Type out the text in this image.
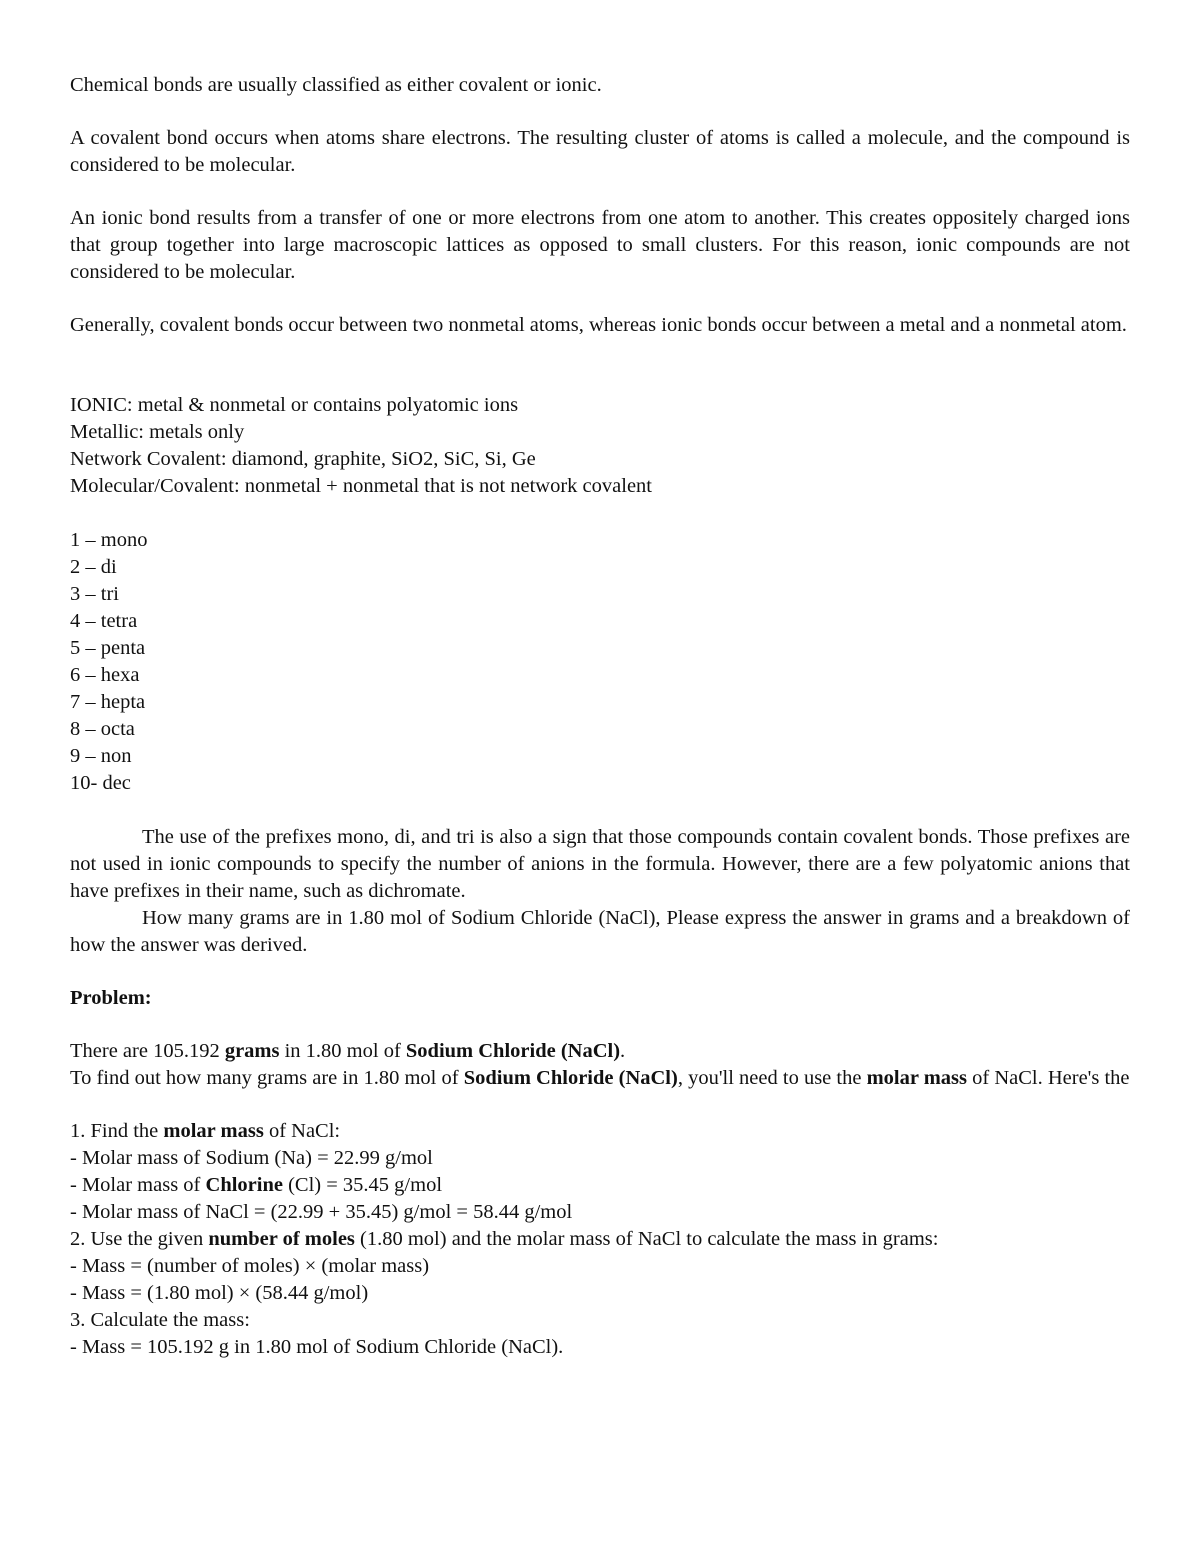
Chemical bonds are usually classified as either covalent or ionic.

A covalent bond occurs when atoms share electrons. The resulting cluster of atoms is called a molecule, and the compound is considered to be molecular.

An ionic bond results from a transfer of one or more electrons from one atom to another. This creates oppositely charged ions that group together into large macroscopic lattices as opposed to small clusters. For this reason, ionic compounds are not considered to be molecular.

Generally, covalent bonds occur between two nonmetal atoms, whereas ionic bonds occur between a metal and a nonmetal atom.

IONIC: metal & nonmetal or contains polyatomic ions

Metallic: metals only

Network Covalent: diamond, graphite, SiO2, SiC, Si, Ge

Molecular/Covalent: nonmetal + nonmetal that is not network covalent

1 – mono

2 – di

3 – tri

4 – tetra

5 – penta

6 – hexa

7 – hepta

8 – octa

9 – non

10- dec

The use of the prefixes mono, di, and tri is also a sign that those compounds contain covalent bonds. Those prefixes are not used in ionic compounds to specify the number of anions in the formula. However, there are a few polyatomic anions that have prefixes in their name, such as dichromate.

How many grams are in 1.80 mol of Sodium Chloride (NaCl), Please express the answer in grams and a breakdown of how the answer was derived.

Problem:

There are 105.192 grams in 1.80 mol of Sodium Chloride (NaCl).

To find out how many grams are in 1.80 mol of Sodium Chloride (NaCl), you'll need to use the molar mass of NaCl. Here's the

1. Find the molar mass of NaCl:

- Molar mass of Sodium (Na) = 22.99 g/mol

- Molar mass of Chlorine (Cl) = 35.45 g/mol

- Molar mass of NaCl = (22.99 + 35.45) g/mol = 58.44 g/mol

2. Use the given number of moles (1.80 mol) and the molar mass of NaCl to calculate the mass in grams:

- Mass = (number of moles) × (molar mass)

- Mass = (1.80 mol) × (58.44 g/mol)

3. Calculate the mass:

- Mass = 105.192 g in 1.80 mol of Sodium Chloride (NaCl).
